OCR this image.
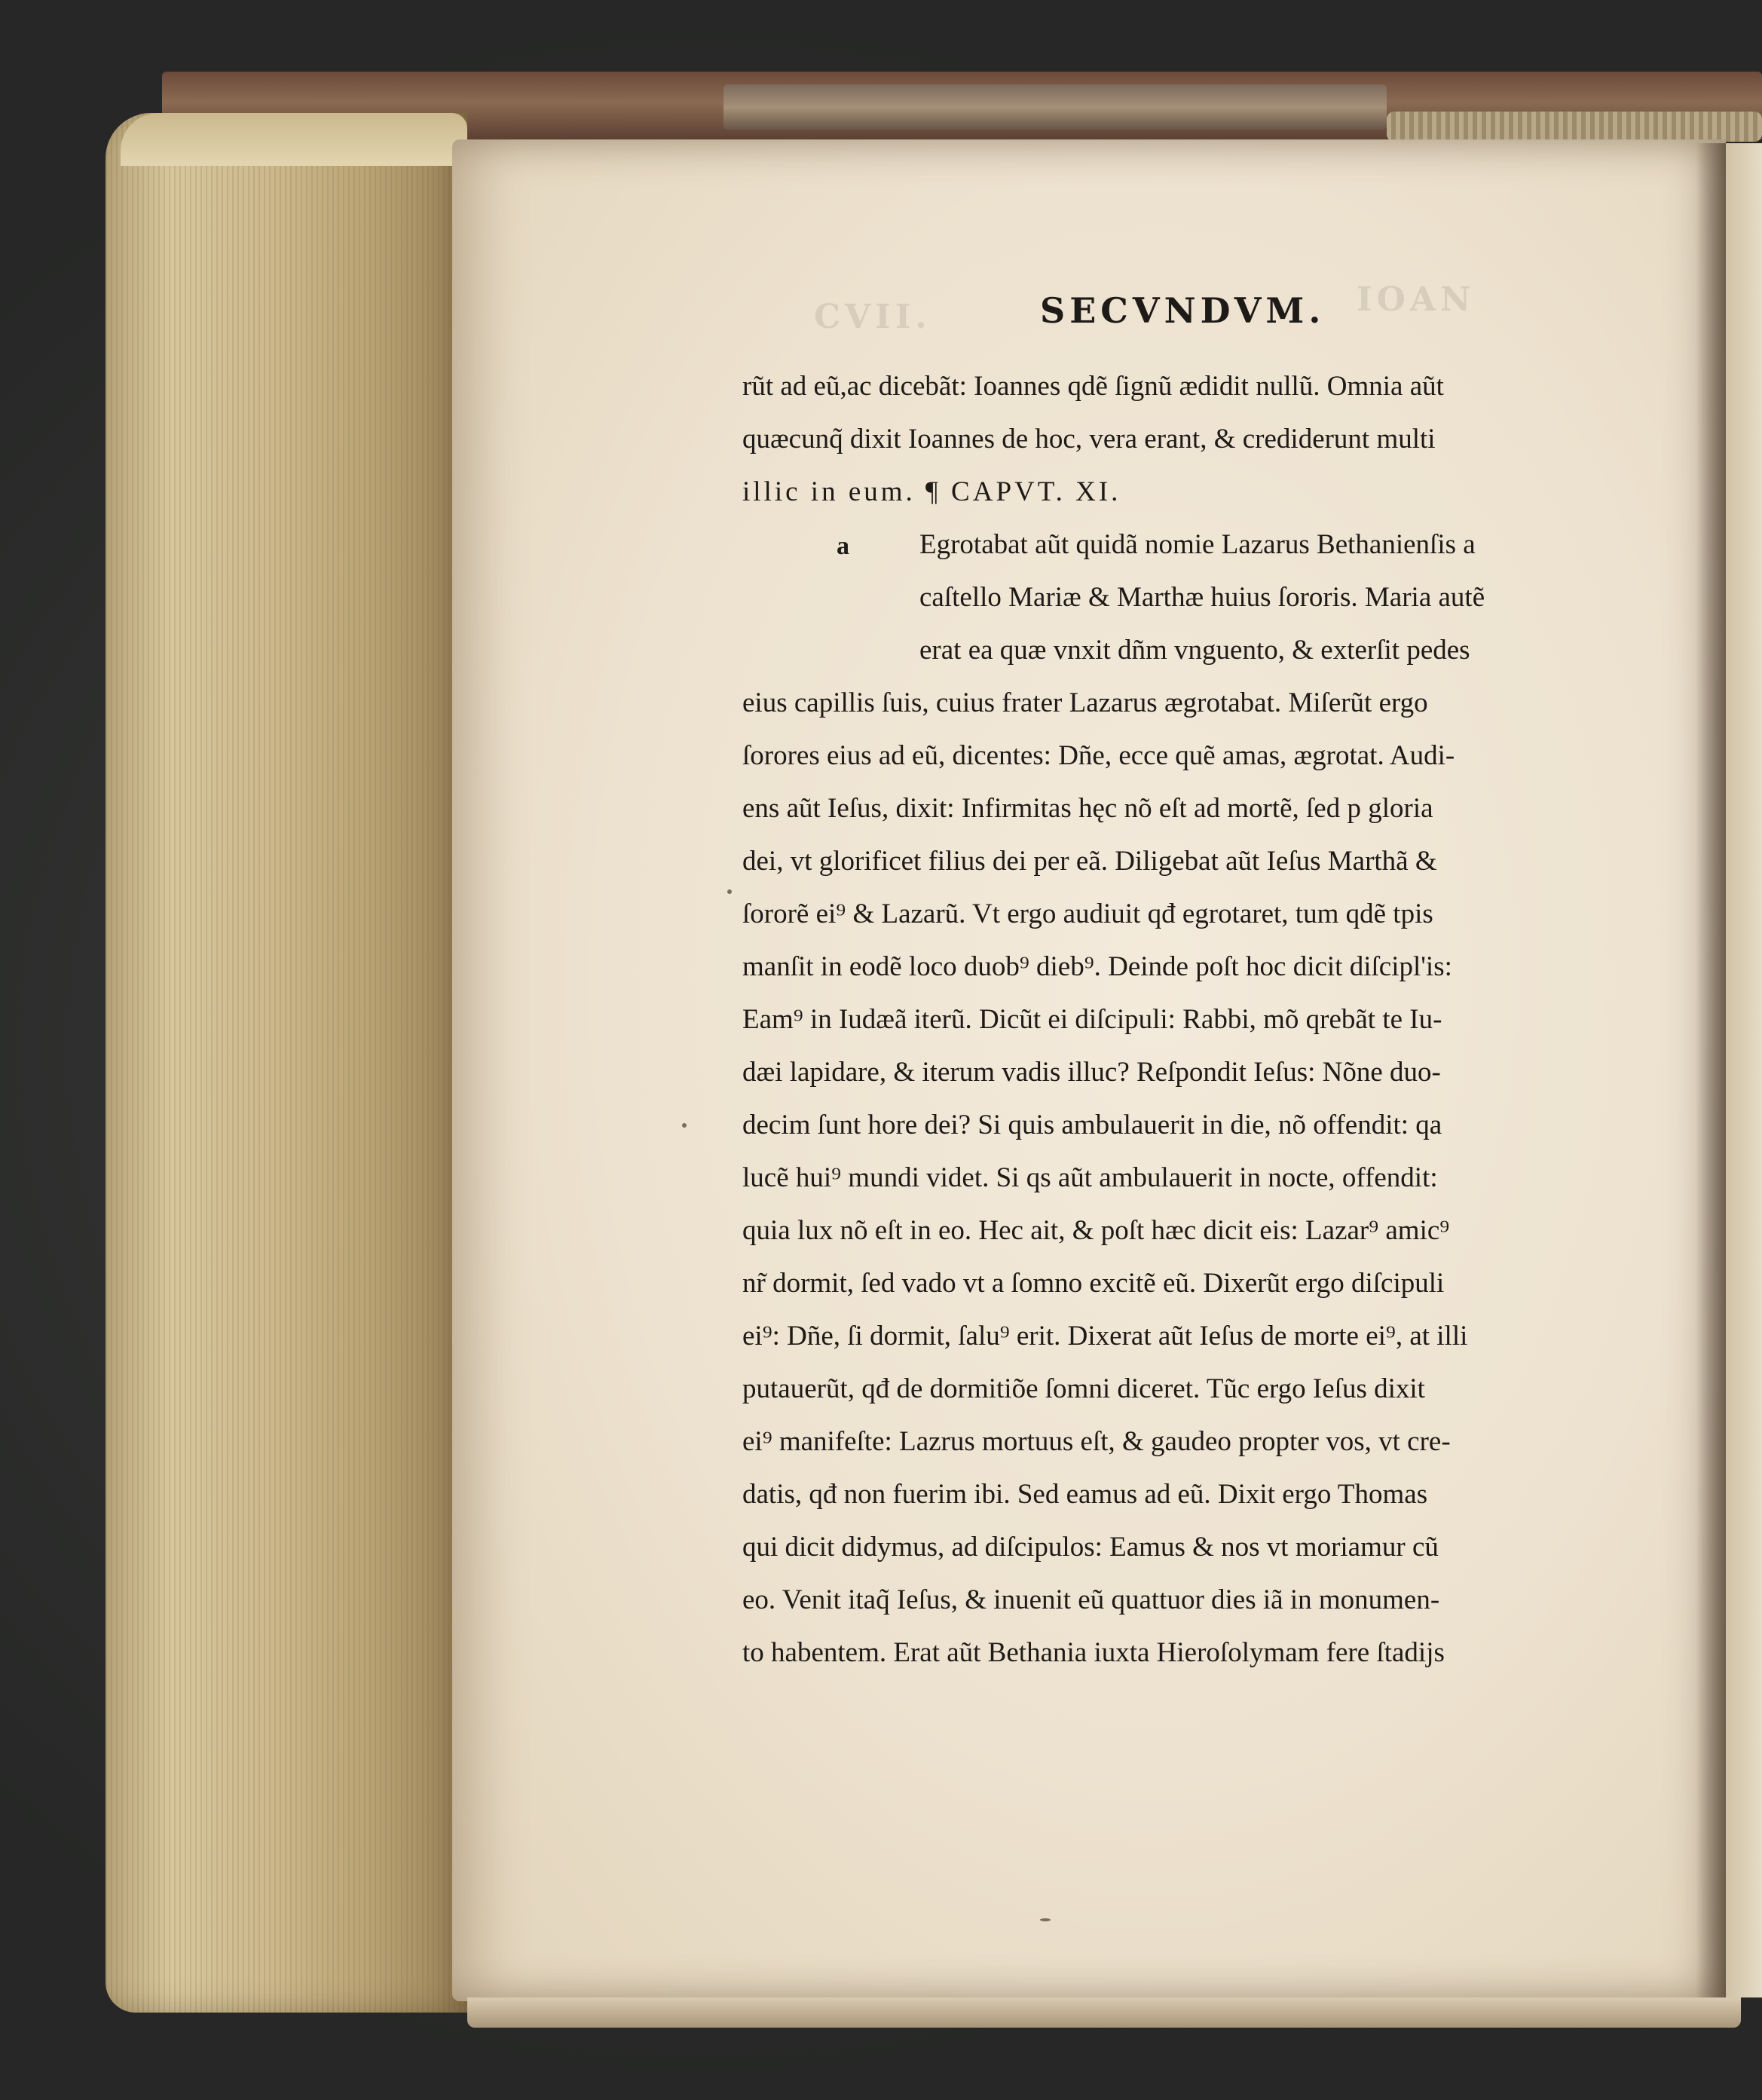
IOAN
CVII.	SECVNDVM.
a
rũt ad eũ,ac dicebãt: Ioannes qdẽ ſignũ ædidit nullũ. Omnia aũt
quæcunq̃ dixit Ioannes de hoc, vera erant, & crediderunt multi
illic in eum. ¶ CAPVT. XI.
Egrotabat aũt quidã nomie Lazarus Bethanienſis a
caſtello Mariæ & Marthæ huius ſororis. Maria autẽ
erat ea quæ vnxit dñm vnguento, & exterſit pedes
eius capillis ſuis, cuius frater Lazarus ægrotabat. Miſerũt ergo
ſorores eius ad eũ, dicentes: Dñe, ecce quẽ amas, ægrotat. Audi-
ens aũt Ieſus, dixit: Infirmitas hęc nõ eſt ad mortẽ, ſed p gloria
dei, vt glorificet filius dei per eã. Diligebat aũt Ieſus Marthã &
ſororẽ ei⁹ & Lazarũ. Vt ergo audiuit qđ egrotaret, tum qdẽ tpis
manſit in eodẽ loco duob⁹ dieb⁹. Deinde poſt hoc dicit diſcipl'is:
Eam⁹ in Iudæã iterũ. Dicũt ei diſcipuli: Rabbi, mõ qrebãt te Iu-
dæi lapidare, & iterum vadis illuc? Reſpondit Ieſus: Nõne duo-
decim ſunt hore dei? Si quis ambulauerit in die, nõ offendit: qa
lucẽ hui⁹ mundi videt. Si qs aũt ambulauerit in nocte, offendit:
quia lux nõ eſt in eo. Hec ait, & poſt hæc dicit eis: Lazar⁹ amic⁹
nr̃ dormit, ſed vado vt a ſomno excitẽ eũ. Dixerũt ergo diſcipuli
ei⁹: Dñe, ſi dormit, ſalu⁹ erit. Dixerat aũt Ieſus de morte ei⁹, at illi
putauerũt, qđ de dormitiõe ſomni diceret. Tũc ergo Ieſus dixit
ei⁹ manifeſte: Lazrus mortuus eſt, & gaudeo propter vos, vt cre-
datis, qđ non fuerim ibi. Sed eamus ad eũ. Dixit ergo Thomas
qui dicit didymus, ad diſcipulos: Eamus & nos vt moriamur cũ
eo. Venit itaq̃ Ieſus, & inuenit eũ quattuor dies iã in monumen-
to habentem. Erat aũt Bethania iuxta Hieroſolymam fere ſtadijs
